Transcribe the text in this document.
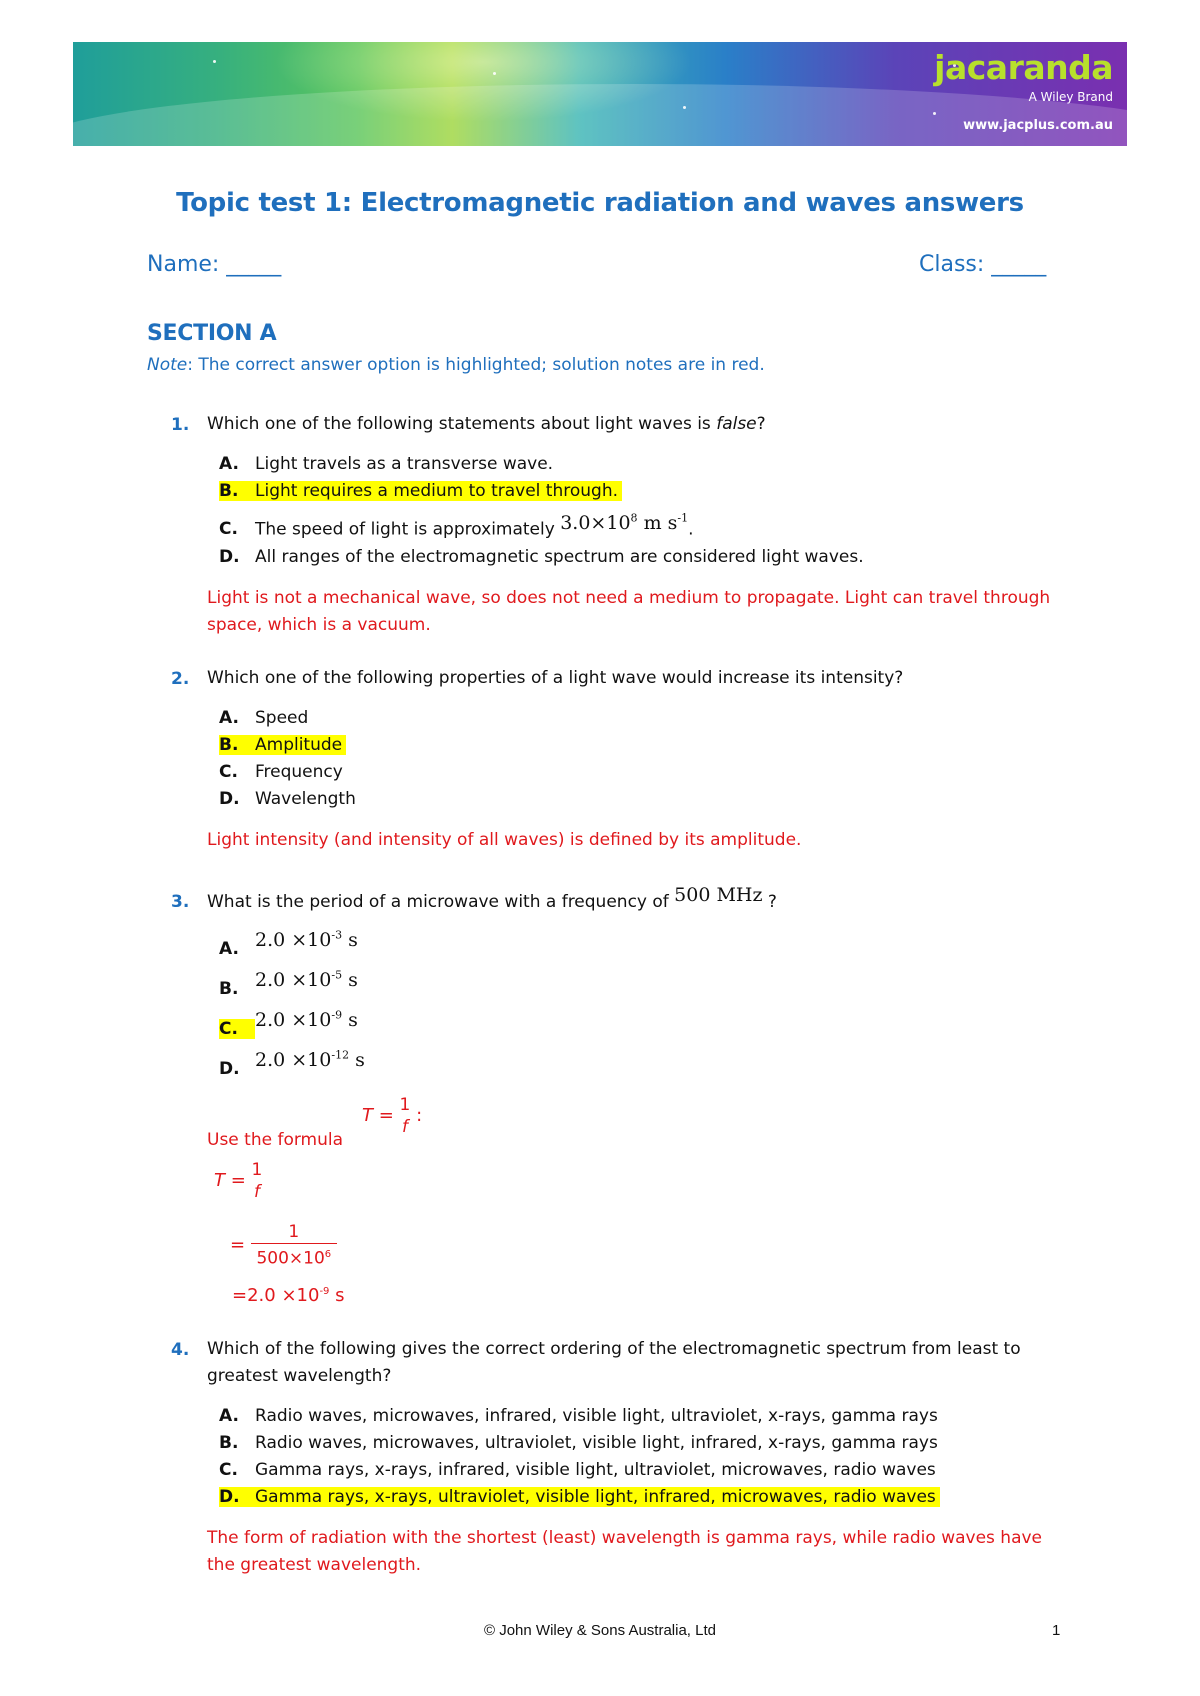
jacaranda
A Wiley Brand
www.jacplus.com.au
Topic test 1: Electromagnetic radiation and waves answers
Name: _____	Class: _____
SECTION A
Note: The correct answer option is highlighted; solution notes are in red.
1. Which one of the following statements about light waves is false?
A. Light travels as a transverse wave.
B. Light requires a medium to travel through.
C. The speed of light is approximately $3.0\times 10^8$ m $s^{-1}$.
D. All ranges of the electromagnetic spectrum are considered light waves.
Light is not a mechanical wave, so does not need a medium to propagate. Light can travel through space, which is a vacuum.
2. Which one of the following properties of a light wave would increase its intensity?
A. Speed
B. Amplitude
C. Frequency
D. Wavelength
Light intensity (and intensity of all waves) is defined by its amplitude.
3. What is the period of a microwave with a frequency of 500 MHz ?
A. $2.0 \times 10^{-3}$ s
B. $2.0 \times 10^{-5}$ s
C. $2.0 \times 10^{-9}$ s
D. $2.0 \times 10^{-12}$ s
Use the formula
T = 1
f
:
T = 1
f
= $\frac{1}{500\times 10^6}$
$=2.0 \times 10^{-9}$ s
4. Which of the following gives the correct ordering of the electromagnetic spectrum from least to greatest wavelength?
A. Radio waves, microwaves, infrared, visible light, ultraviolet, x-rays, gamma rays
B. Radio waves, microwaves, ultraviolet, visible light, infrared, x-rays, gamma rays
C. Gamma rays, x-rays, infrared, visible light, ultraviolet, microwaves, radio waves
D. Gamma rays, x-rays, ultraviolet, visible light, infrared, microwaves, radio waves
The form of radiation with the shortest (least) wavelength is gamma rays, while radio waves have the greatest wavelength.
© John Wiley & Sons Australia, Ltd	1
